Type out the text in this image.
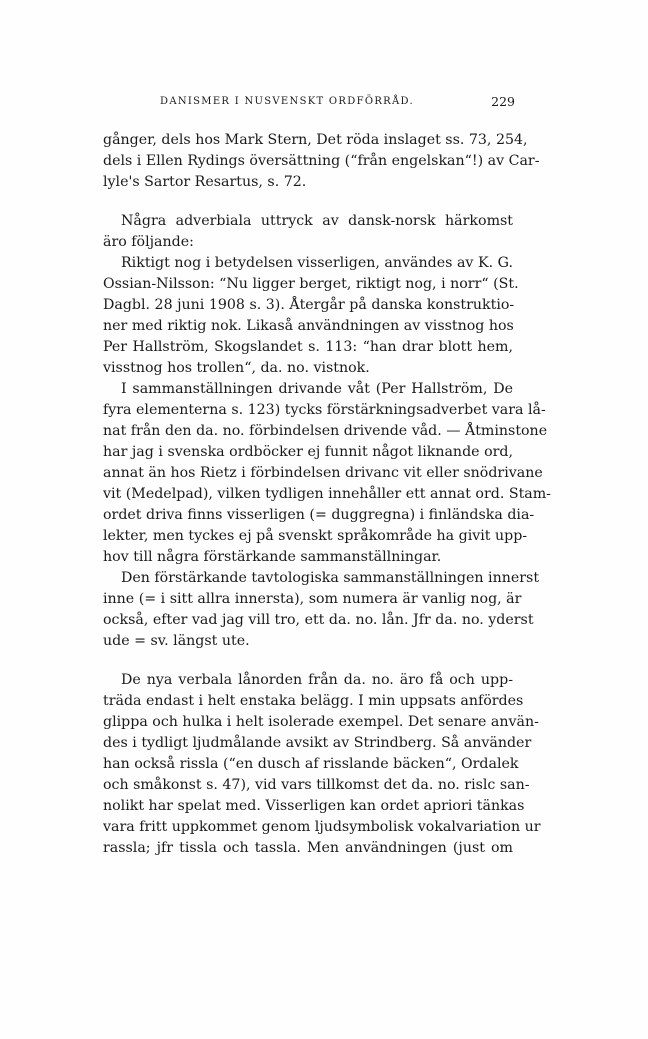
DANISMER I NUSVENSKT ORDFÖRRÅD.	229
gånger, dels hos Mark Stern, Det röda inslaget ss. 73, 254,
dels i Ellen Rydings översättning (“från engelskan“!) av Car-
lyle's Sartor Resartus, s. 72.
Några adverbiala uttryck av dansk-norsk härkomst
äro följande:
Riktigt nog i betydelsen visserligen, användes av K. G.
Ossian-Nilsson: “Nu ligger berget, riktigt nog, i norr“ (St.
Dagbl. 28 juni 1908 s. 3). Återgår på danska konstruktio-
ner med riktig nok. Likaså användningen av visstnog hos
Per Hallström, Skogslandet s. 113: “han drar blott hem,
visstnog hos trollen“, da. no. vistnok.
I sammanställningen drivande våt (Per Hallström, De
fyra elementerna s. 123) tycks förstärkningsadverbet vara lå-
nat från den da. no. förbindelsen drivende våd. — Åtminstone
har jag i svenska ordböcker ej funnit något liknande ord,
annat än hos Rietz i förbindelsen drivanc vit eller snödrivane
vit (Medelpad), vilken tydligen innehåller ett annat ord. Stam-
ordet driva finns visserligen (= duggregna) i finländska dia-
lekter, men tyckes ej på svenskt språkområde ha givit upp-
hov till några förstärkande sammanställningar.
Den förstärkande tavtologiska sammanställningen innerst
inne (= i sitt allra innersta), som numera är vanlig nog, är
också, efter vad jag vill tro, ett da. no. lån. Jfr da. no. yderst
ude = sv. längst ute.
De nya verbala lånorden från da. no. äro få och upp-
träda endast i helt enstaka belägg. I min uppsats anfördes
glippa och hulka i helt isolerade exempel. Det senare använ-
des i tydligt ljudmålande avsikt av Strindberg. Så använder
han också rissla (“en dusch af risslande bäcken“, Ordalek
och småkonst s. 47), vid vars tillkomst det da. no. rislc san-
nolikt har spelat med. Visserligen kan ordet apriori tänkas
vara fritt uppkommet genom ljudsymbolisk vokalvariation ur
rassla; jfr tissla och tassla. Men användningen (just om
